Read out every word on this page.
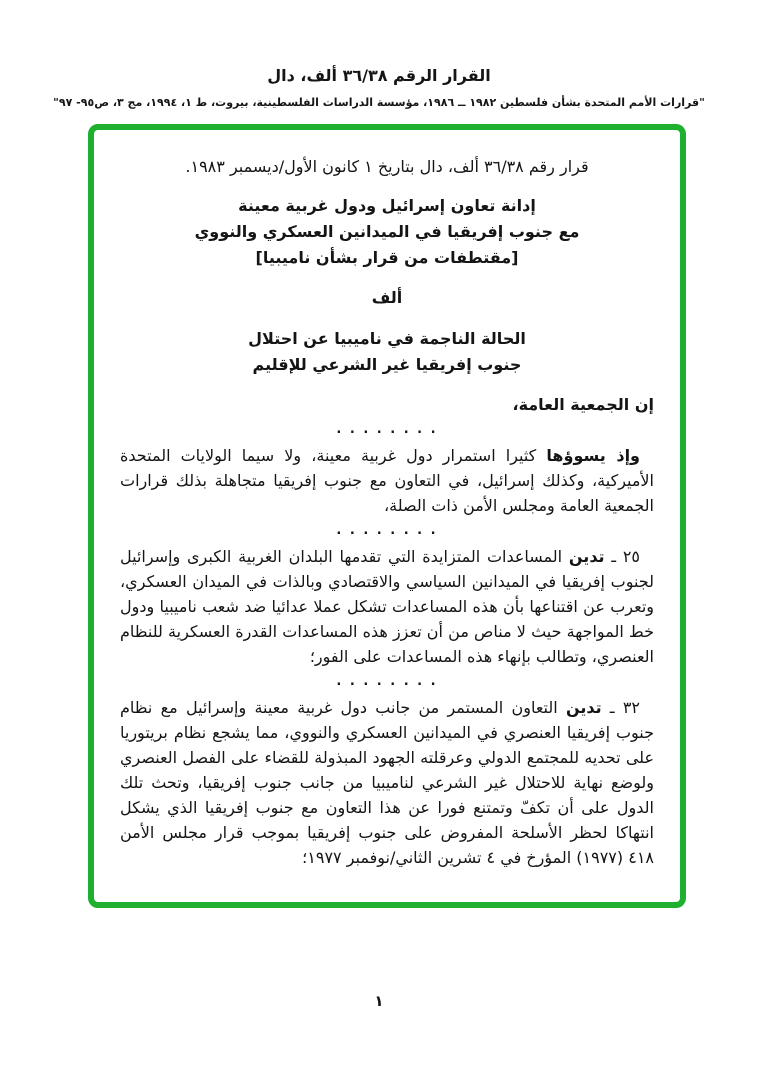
القرار الرقم ٣٦/٣٨ ألف، دال
"قرارات الأمم المتحدة بشأن فلسطين ١٩٨٢ ــ ١٩٨٦، مؤسسة الدراسات الفلسطينية، بيروت، ط ١، ١٩٩٤، مج ٣، ص٩٥- ٩٧"

قرار رقم ٣٦/٣٨ ألف، دال بتاريخ ١ كانون الأول/ديسمبر ١٩٨٣.

إدانة تعاون إسرائيل ودول غربية معينة
مع جنوب إفريقيا في الميدانين العسكري والنووي
[مقتطفات من قرار بشأن ناميبيا]
ألف
الحالة الناجمة في ناميبيا عن احتلال
جنوب إفريقيا غير الشرعي للإقليم

إن الجمعية العامة،

. . . . . . . .

وإذ يسوؤها كثيرا استمرار دول غربية معينة، ولا سيما الولايات المتحدة الأميركية، وكذلك إسرائيل، في التعاون مع جنوب إفريقيا متجاهلة بذلك قرارات الجمعية العامة ومجلس الأمن ذات الصلة،

. . . . . . . .

٢٥ ـ تدين المساعدات المتزايدة التي تقدمها البلدان الغربية الكبرى وإسرائيل لجنوب إفريقيا في الميدانين السياسي والاقتصادي وبالذات في الميدان العسكري، وتعرب عن اقتناعها بأن هذه المساعدات تشكل عملا عدائيا ضد شعب ناميبيا ودول خط المواجهة حيث لا مناص من أن تعزز هذه المساعدات القدرة العسكرية للنظام العنصري، وتطالب بإنهاء هذه المساعدات على الفور؛

. . . . . . . .

٣٢ ـ تدين التعاون المستمر من جانب دول غربية معينة وإسرائيل مع نظام جنوب إفريقيا العنصري في الميدانين العسكري والنووي، مما يشجع نظام بريتوريا على تحديه للمجتمع الدولي وعرقلته الجهود المبذولة للقضاء على الفصل العنصري ولوضع نهاية للاحتلال غير الشرعي لناميبيا من جانب جنوب إفريقيا، وتحث تلك الدول على أن تكفّ وتمتنع فورا عن هذا التعاون مع جنوب إفريقيا الذي يشكل انتهاكا لحظر الأسلحة المفروض على جنوب إفريقيا بموجب قرار مجلس الأمن ٤١٨ (١٩٧٧) المؤرخ في ٤ تشرين الثاني/نوفمبر ١٩٧٧؛

١
